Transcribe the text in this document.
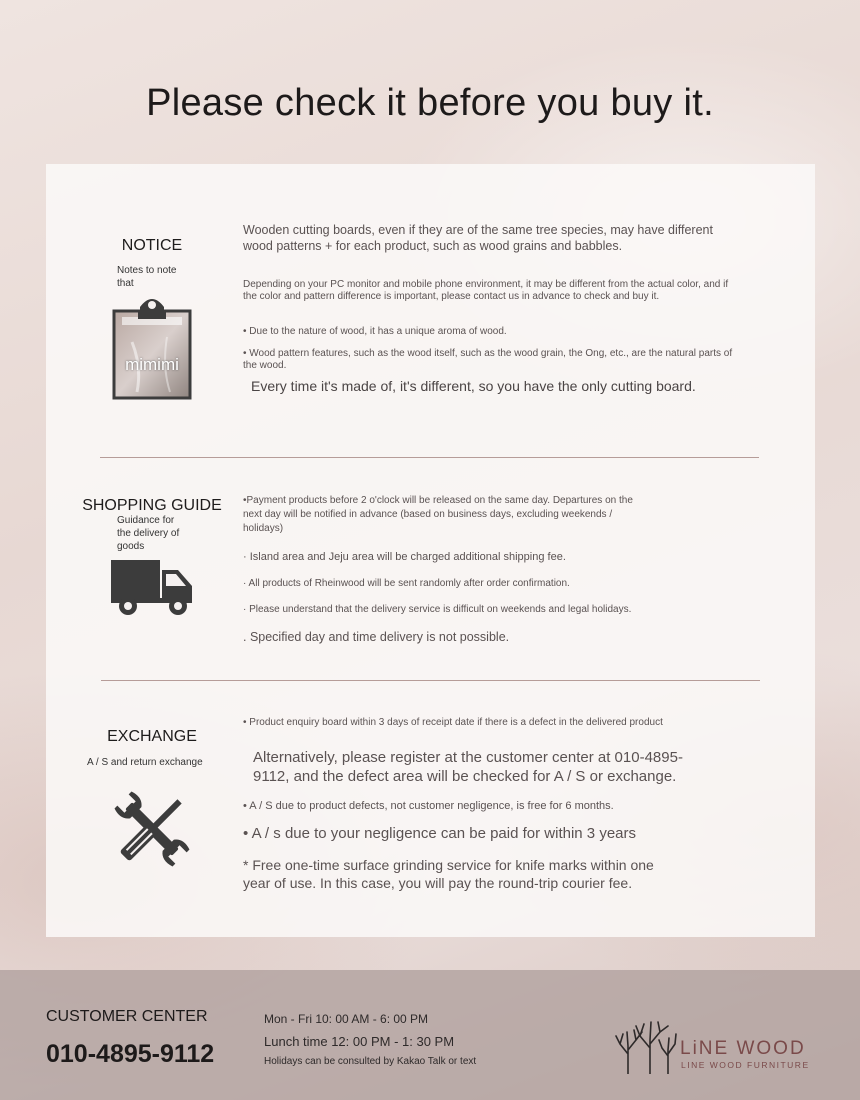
Please check it before you buy it.
NOTICE
Notes to note that
mimimi
Wooden cutting boards, even if they are of the same tree species, may have different wood patterns + for each product, such as wood grains and babbles.
Depending on your PC monitor and mobile phone environment, it may be different from the actual color, and if the color and pattern difference is important, please contact us in advance to check and buy it.
• Due to the nature of wood, it has a unique aroma of wood.
• Wood pattern features, such as the wood itself, such as the wood grain, the Ong, etc., are the natural parts of the wood.
Every time it's made of, it's different, so you have the only cutting board.
SHOPPING GUIDE
Guidance for the delivery of goods
•Payment products before 2 o'clock will be released on the same day. Departures on the next day will be notified in advance (based on business days, excluding weekends / holidays)
· Island area and Jeju area will be charged additional shipping fee.
· All products of Rheinwood will be sent randomly after order confirmation.
· Please understand that the delivery service is difficult on weekends and legal holidays.
. Specified day and time delivery is not possible.
EXCHANGE
A / S and return exchange
• Product enquiry board within 3 days of receipt date if there is a defect in the delivered product
Alternatively, please register at the customer center at 010-4895-9112, and the defect area will be checked for A / S or exchange.
• A / S due to product defects, not customer negligence, is free for 6 months.
• A / s due to your negligence can be paid for within 3 years
* Free one-time surface grinding service for knife marks within one year of use. In this case, you will pay the round-trip courier fee.
CUSTOMER CENTER
010-4895-9112
Mon - Fri 10: 00 AM - 6: 00 PM
Lunch time 12: 00 PM - 1: 30 PM
Holidays can be consulted by Kakao Talk or text
LiNE WOOD
LINE WOOD FURNITURE
